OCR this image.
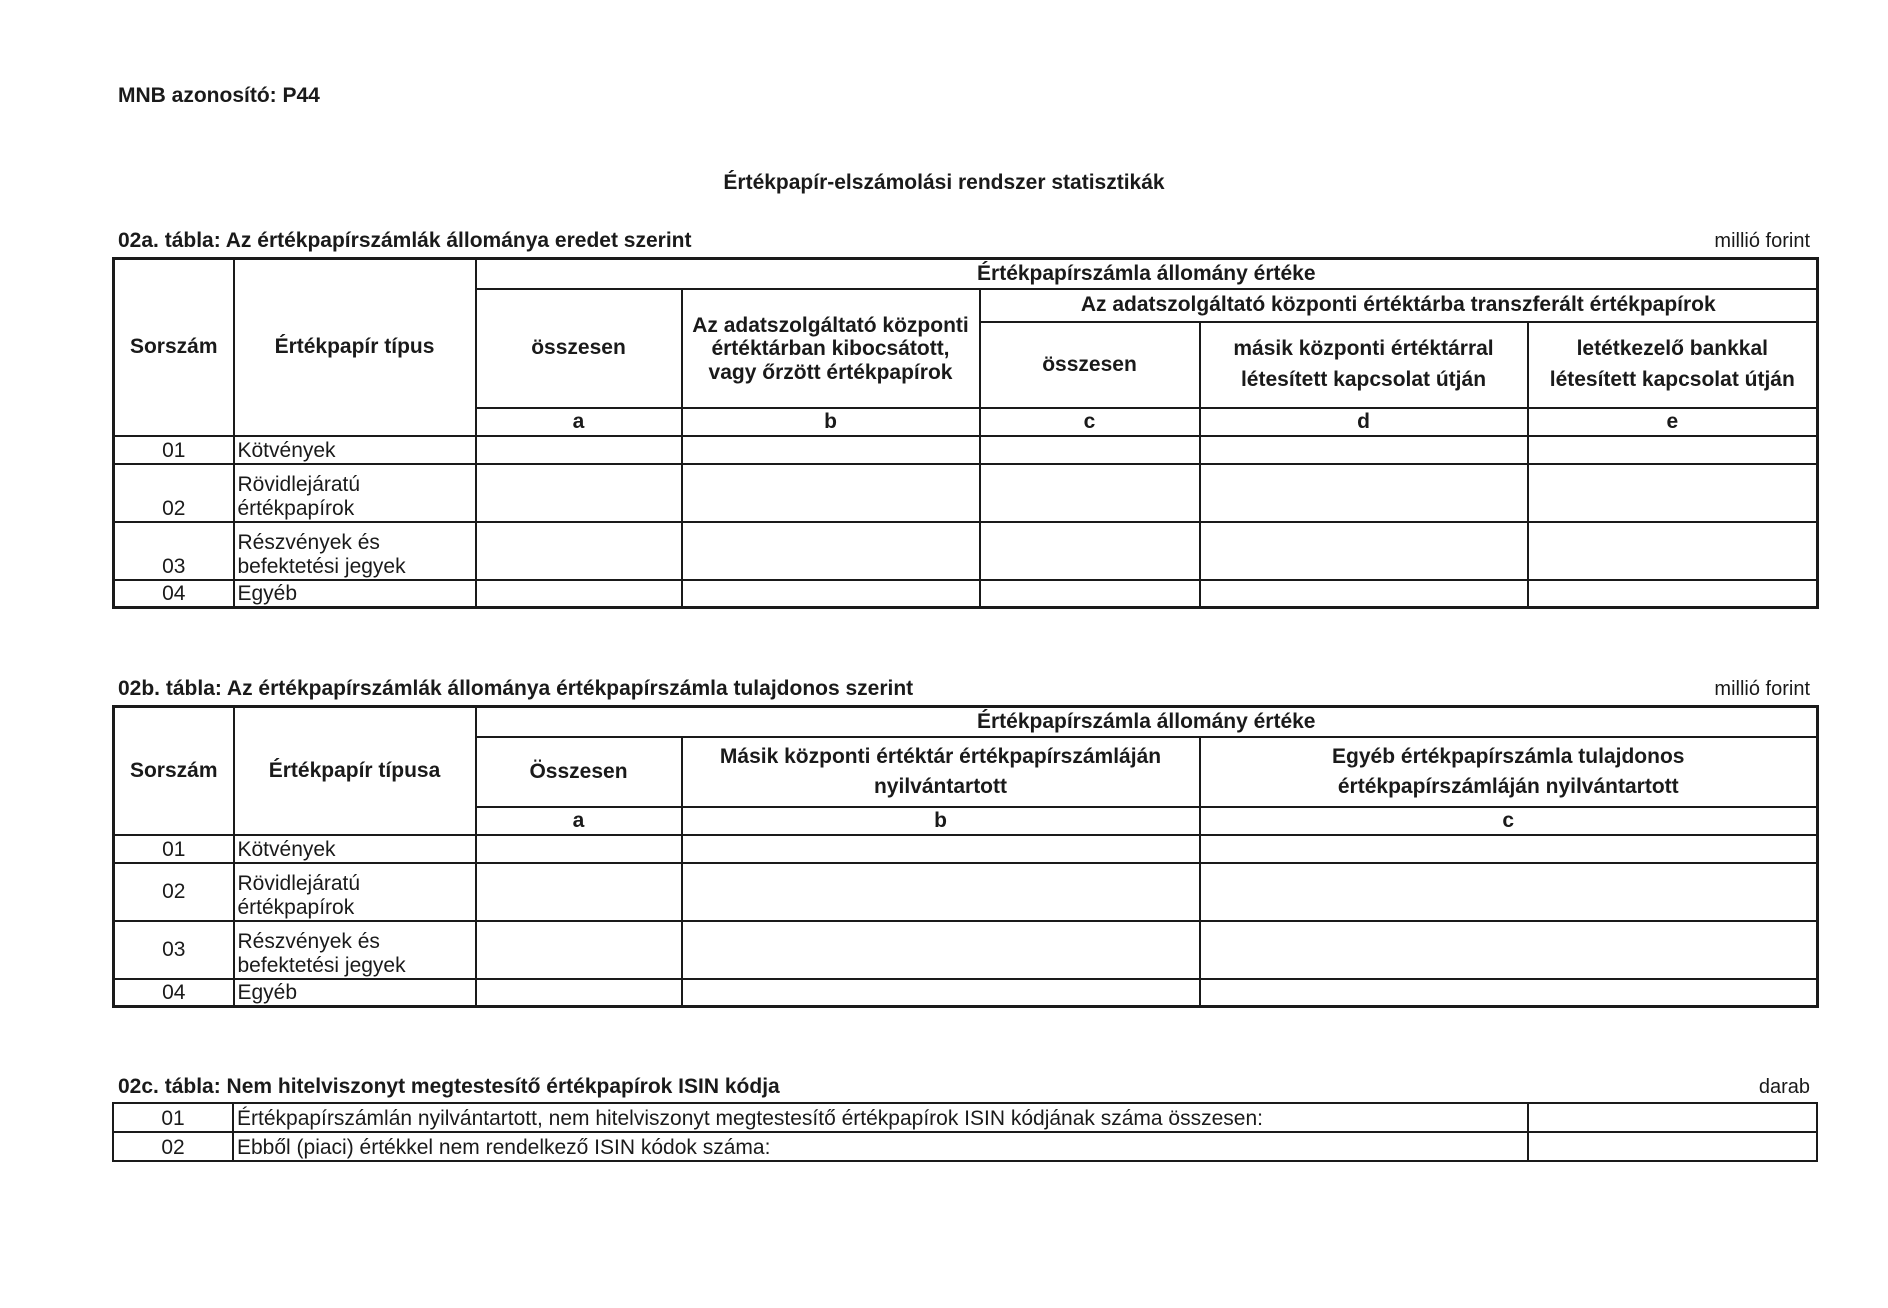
MNB azonosító: P44
Értékpapír-elszámolási rendszer statisztikák
02a. tábla: Az értékpapírszámlák állománya eredet szerint	millió forint
Sorszám	Értékpapír típus	Értékpapírszámla állomány értéke				
		összesen	Az adatszolgáltató központi értéktárban kibocsátott, vagy őrzött értékpapírok	Az adatszolgáltató központi értéktárba transzferált értékpapírok		
				összesen	másik központi értéktárral létesített kapcsolat útján	letétkezelő bankkal létesített kapcsolat útján
		a	b	c	d	e
01	Kötvények					
02	Rövidlejáratú értékpapírok					
03	Részvények és befektetési jegyek					
04	Egyéb					
02b. tábla: Az értékpapírszámlák állománya értékpapírszámla tulajdonos szerint	millió forint
Sorszám	Értékpapír típusa	Értékpapírszámla állomány értéke		
		Összesen	Másik központi értéktár értékpapírszámláján nyilvántartott	Egyéb értékpapírszámla tulajdonos értékpapírszámláján nyilvántartott
		a	b	c
01	Kötvények			
02	Rövidlejáratú értékpapírok			
03	Részvények és befektetési jegyek			
04	Egyéb			
02c. tábla: Nem hitelviszonyt megtestesítő értékpapírok ISIN kódja	darab
01	Értékpapírszámlán nyilvántartott, nem hitelviszonyt megtestesítő értékpapírok ISIN kódjának száma összesen:	
02	Ebből (piaci) értékkel nem rendelkező ISIN kódok száma:	
